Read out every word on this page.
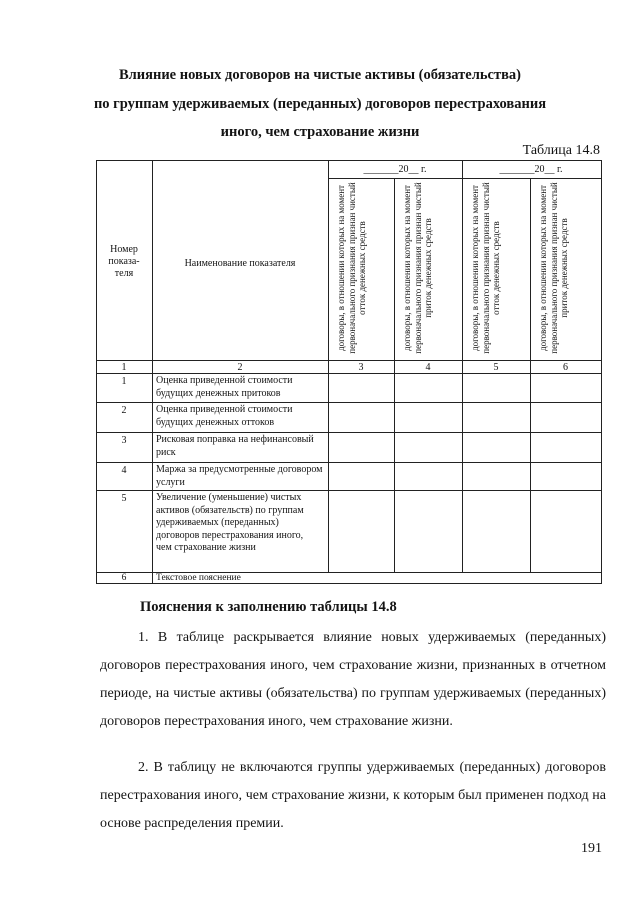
Влияние новых договоров на чистые активы (обязательства)
по группам удерживаемых (переданных) договоров перестрахования
иного, чем страхование жизни
Таблица 14.8
Номер показа-теля
Наименование показателя
_______20__ г.	_______20__ г.
договоры, в отношении которых на момент первоначального признания признан чистый отток денежных средств	договоры, в отношении которых на момент первоначального признания признан чистый приток денежных средств	договоры, в отношении которых на момент первоначального признания признан чистый отток денежных средств	договоры, в отношении которых на момент первоначального признания признан чистый приток денежных средств
1	2	3	4	5	6
1	Оценка приведенной стоимости будущих денежных притоков
2	Оценка приведенной стоимости будущих денежных оттоков
3	Рисковая поправка на нефинансовый риск
4	Маржа за предусмотренные договором услуги
5	Увеличение (уменьшение) чистых активов (обязательств) по группам удерживаемых (переданных) договоров перестрахования иного, чем страхование жизни
6	Текстовое пояснение
Пояснения к заполнению таблицы 14.8
1. В таблице раскрывается влияние новых удерживаемых (переданных) договоров перестрахования иного, чем страхование жизни, признанных в отчетном периоде, на чистые активы (обязательства) по группам удерживаемых (переданных) договоров перестрахования иного, чем страхование жизни.
2. В таблицу не включаются группы удерживаемых (переданных) договоров перестрахования иного, чем страхование жизни, к которым был применен подход на основе распределения премии.
191
